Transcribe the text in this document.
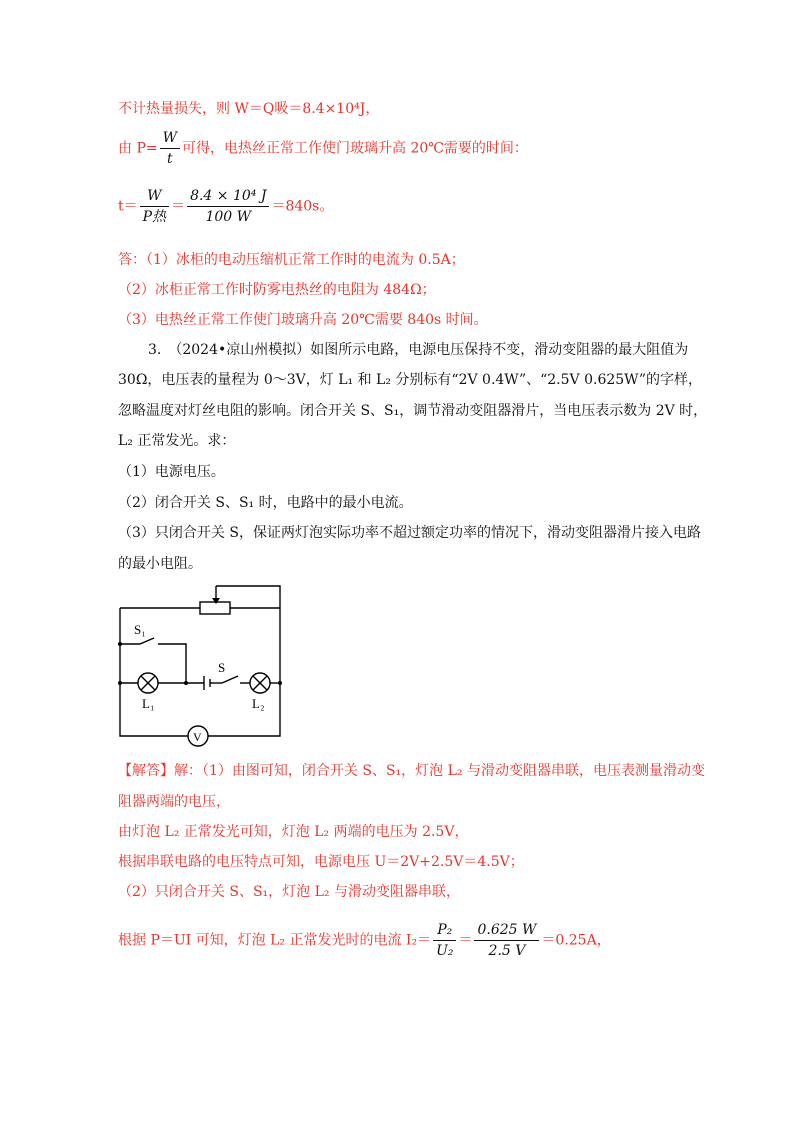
不计热量损失，则 W＝Q吸＝8.4×10⁴J，
由 $P= \frac{W}{t}$ 可得，电热丝正常工作使门玻璃升高 20℃需要的时间：
$t= \frac{W}{\text{P热}} = \frac{\text{8.4 × 10⁴ J}}{100 W} =840s$。
答：（1）冰柜的电动压缩机正常工作时的电流为 0.5A；
（2）冰柜正常工作时防雾电热丝的电阻为 484Ω；
（3）电热丝正常工作使门玻璃升高 20℃需要 840s 时间。
3.　（2024•凉山州模拟）如图所示电路，电源电压保持不变，滑动变阻器的最大阻值为
30Ω，电压表的量程为 0～3V，灯 L₁ 和 L₂ 分别标有“2V 0.4W”、“2.5V 0.625W”的字样，
忽略温度对灯丝电阻的影响。闭合开关 S、S₁，调节滑动变阻器滑片，当电压表示数为 2V 时，
L₂ 正常发光。求：
（1）电源电压。
（2）闭合开关 S、S₁ 时，电路中的最小电流。
（3）只闭合开关 S，保证两灯泡实际功率不超过额定功率的情况下，滑动变阻器滑片接入电路
的最小电阻。
S₁
S
L₁	L₂
V
【解答】解：（1）由图可知，闭合开关 S、S₁，灯泡 L₂ 与滑动变阻器串联，电压表测量滑动变
阻器两端的电压，
由灯泡 L₂ 正常发光可知，灯泡 L₂ 两端的电压为 2.5V，
根据串联电路的电压特点可知，电源电压 U＝2V+2.5V＝4.5V；
（2）只闭合开关 S、S₁，灯泡 L₂ 与滑动变阻器串联，
根据 P＝UI 可知，灯泡 L₂ 正常发光时的电流 $I_2= \frac{\text{P₂}}{\text{U₂}} = \frac{0.625 W}{2.5 V} =0.25A$，
